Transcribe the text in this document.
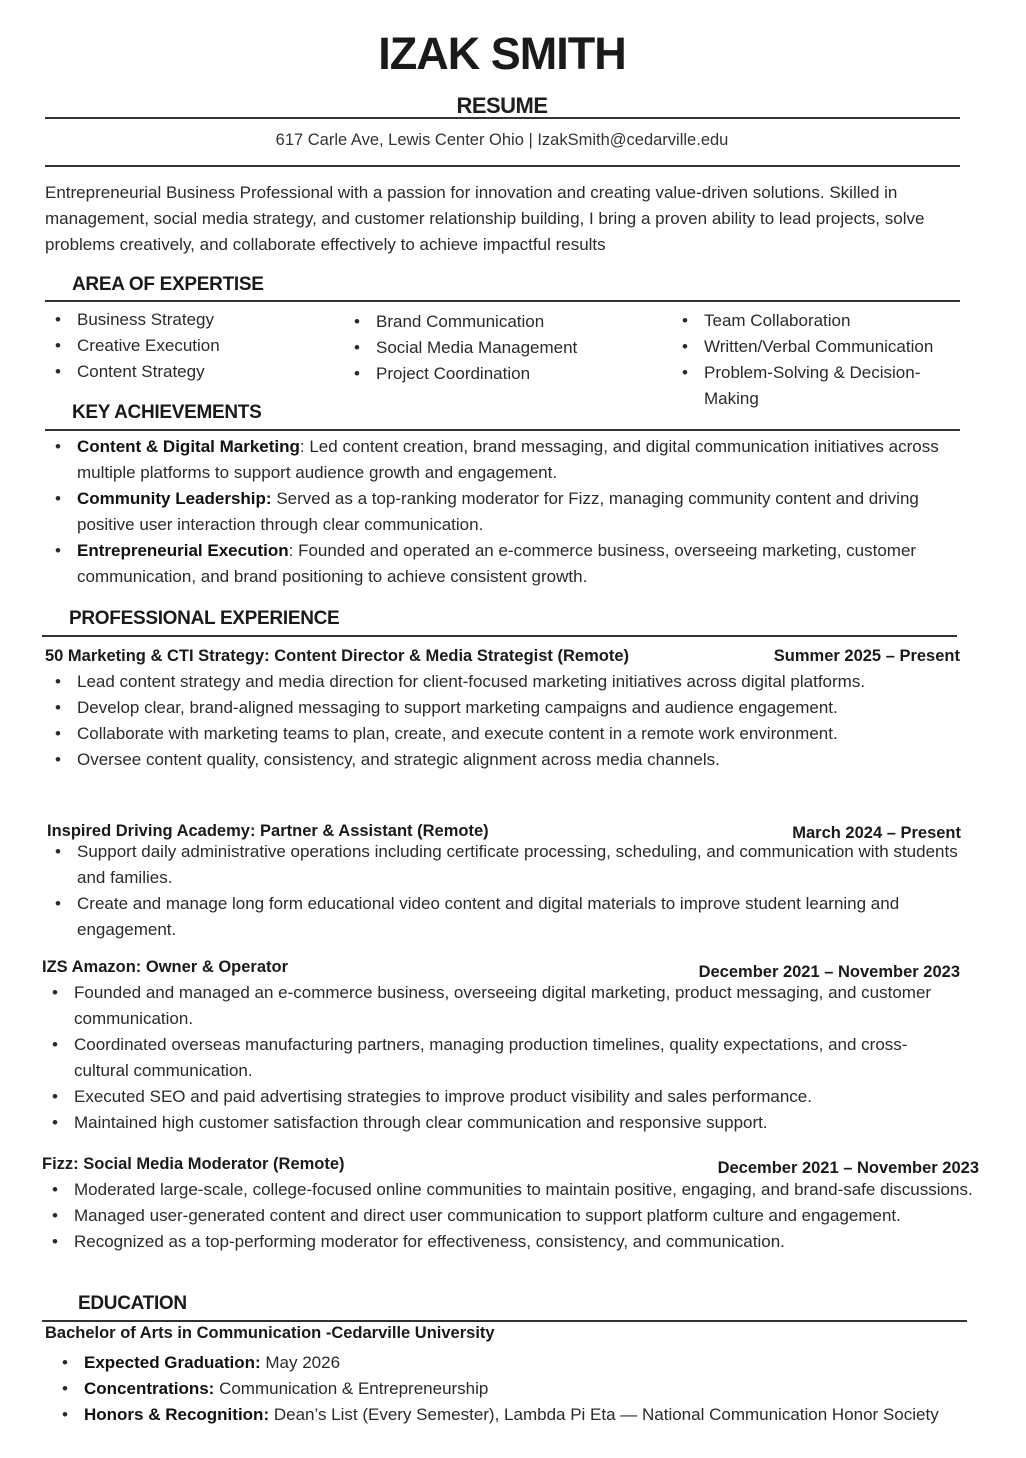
IZAK SMITH
RESUME
617 Carle Ave, Lewis Center Ohio | IzakSmith@cedarville.edu
Entrepreneurial Business Professional with a passion for innovation and creating value-driven solutions. Skilled in management, social media strategy, and customer relationship building, I bring a proven ability to lead projects, solve problems creatively, and collaborate effectively to achieve impactful results
AREA OF EXPERTISE
• Business Strategy
• Creative Execution
• Content Strategy
• Brand Communication
• Social Media Management
• Project Coordination
• Team Collaboration
• Written/Verbal Communication
• Problem-Solving & Decision-Making
KEY ACHIEVEMENTS
• Content & Digital Marketing: Led content creation, brand messaging, and digital communication initiatives across multiple platforms to support audience growth and engagement.
• Community Leadership: Served as a top-ranking moderator for Fizz, managing community content and driving positive user interaction through clear communication.
• Entrepreneurial Execution: Founded and operated an e-commerce business, overseeing marketing, customer communication, and brand positioning to achieve consistent growth.
PROFESSIONAL EXPERIENCE
50 Marketing & CTI Strategy: Content Director & Media Strategist (Remote)	Summer 2025 – Present
• Lead content strategy and media direction for client-focused marketing initiatives across digital platforms.
• Develop clear, brand-aligned messaging to support marketing campaigns and audience engagement.
• Collaborate with marketing teams to plan, create, and execute content in a remote work environment.
• Oversee content quality, consistency, and strategic alignment across media channels.
Inspired Driving Academy: Partner & Assistant (Remote)	March 2024 – Present
• Support daily administrative operations including certificate processing, scheduling, and communication with students and families.
• Create and manage long form educational video content and digital materials to improve student learning and engagement.
IZS Amazon: Owner & Operator	December 2021 – November 2023
• Founded and managed an e-commerce business, overseeing digital marketing, product messaging, and customer communication.
• Coordinated overseas manufacturing partners, managing production timelines, quality expectations, and cross-cultural communication.
• Executed SEO and paid advertising strategies to improve product visibility and sales performance.
• Maintained high customer satisfaction through clear communication and responsive support.
Fizz: Social Media Moderator (Remote)	December 2021 – November 2023
• Moderated large-scale, college-focused online communities to maintain positive, engaging, and brand-safe discussions.
• Managed user-generated content and direct user communication to support platform culture and engagement.
• Recognized as a top-performing moderator for effectiveness, consistency, and communication.
EDUCATION
Bachelor of Arts in Communication -Cedarville University
• Expected Graduation: May 2026
• Concentrations: Communication & Entrepreneurship
• Honors & Recognition: Dean’s List (Every Semester), Lambda Pi Eta — National Communication Honor Society
